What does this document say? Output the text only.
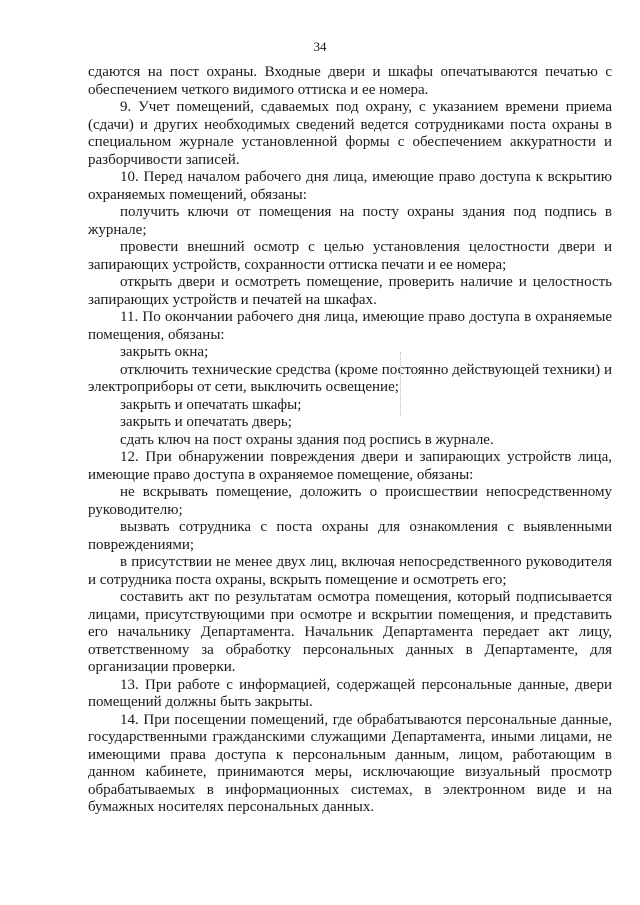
34

сдаются на пост охраны. Входные двери и шкафы опечатываются печатью с обеспечением четкого видимого оттиска и ее номера.

9. Учет помещений, сдаваемых под охрану, с указанием времени приема (сдачи) и других необходимых сведений ведется сотрудниками поста охраны в специальном журнале установленной формы с обеспечением аккуратности и разборчивости записей.

10. Перед началом рабочего дня лица, имеющие право доступа к вскрытию охраняемых помещений, обязаны:

получить ключи от помещения на посту охраны здания под подпись в журнале;

провести внешний осмотр с целью установления целостности двери и запирающих устройств, сохранности оттиска печати и ее номера;

открыть двери и осмотреть помещение, проверить наличие и целостность запирающих устройств и печатей на шкафах.

11. По окончании рабочего дня лица, имеющие право доступа в охраняемые помещения, обязаны:

закрыть окна;

отключить технические средства (кроме постоянно действующей техники) и электроприборы от сети, выключить освещение;

закрыть и опечатать шкафы;

закрыть и опечатать дверь;

сдать ключ на пост охраны здания под роспись в журнале.

12. При обнаружении повреждения двери и запирающих устройств лица, имеющие право доступа в охраняемое помещение, обязаны:

не вскрывать помещение, доложить о происшествии непосредственному руководителю;

вызвать сотрудника с поста охраны для ознакомления с выявленными повреждениями;

в присутствии не менее двух лиц, включая непосредственного руководителя и сотрудника поста охраны, вскрыть помещение и осмотреть его;

составить акт по результатам осмотра помещения, который подписывается лицами, присутствующими при осмотре и вскрытии помещения, и представить его начальнику Департамента. Начальник Департамента передает акт лицу, ответственному за обработку персональных данных в Департаменте, для организации проверки.

13. При работе с информацией, содержащей персональные данные, двери помещений должны быть закрыты.

14. При посещении помещений, где обрабатываются персональные данные, государственными гражданскими служащими Департамента, иными лицами, не имеющими права доступа к персональным данным, лицом, работающим в данном кабинете, принимаются меры, исключающие визуальный просмотр обрабатываемых в информационных системах, в электронном виде и на бумажных носителях персональных данных.
